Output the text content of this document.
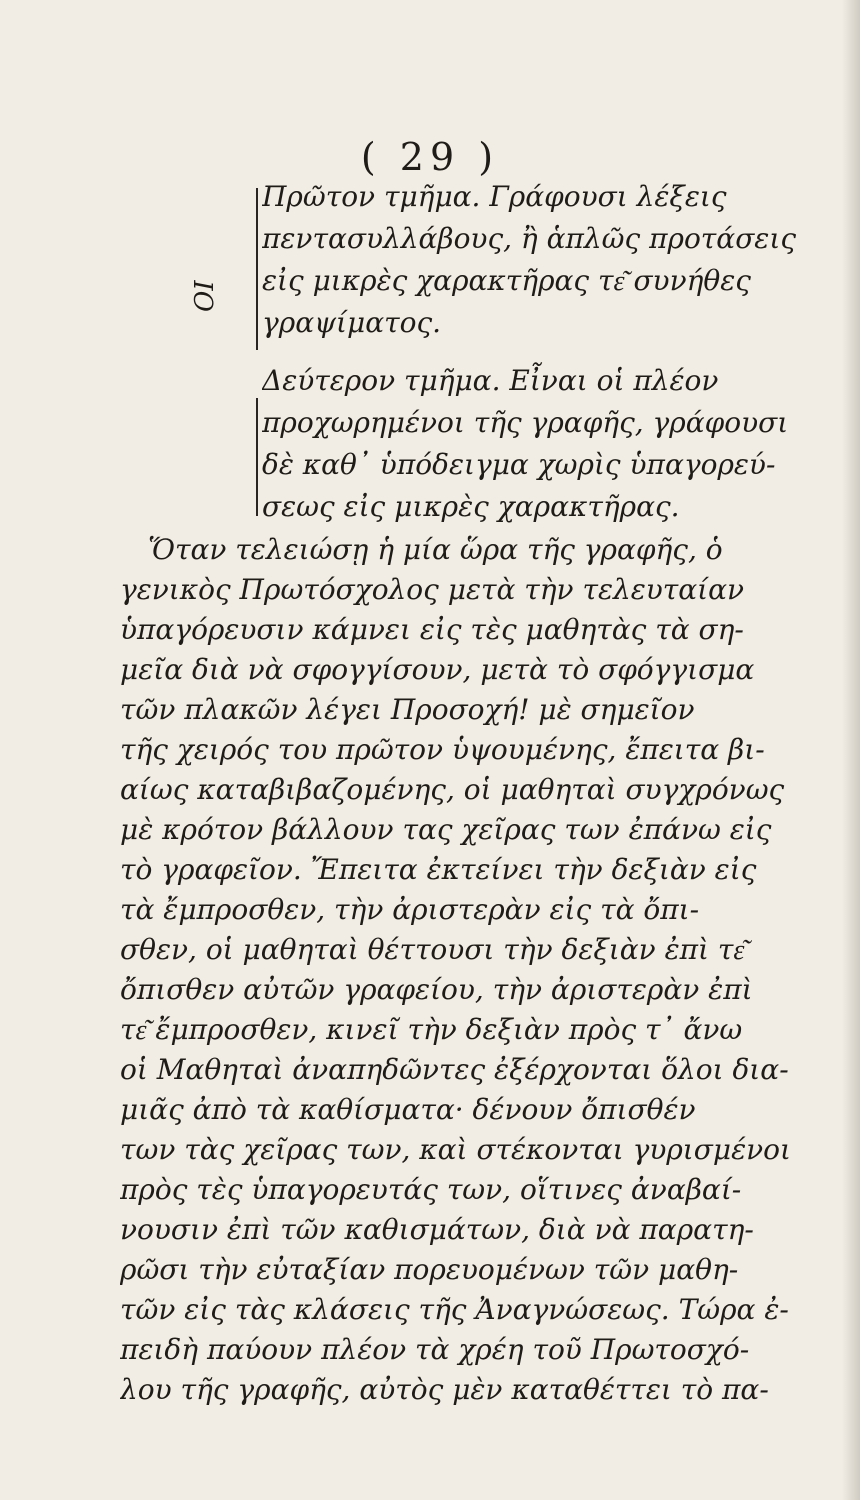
( 29 )
ΟΙ
Πρῶτον τμῆμα. Γράφουσι λέξεις
πεντασυλλάβους, ἢ ἁπλῶς προτάσεις
εἰς μικρὲς χαρακτῆρας τε͂ συνήθες
γραψίματος.
Δεύτερον τμῆμα. Εἶναι οἱ πλέον
προχωρημένοι τῆς γραφῆς, γράφουσι
δὲ καθ᾽ ὑπόδειγμα χωρὶς ὑπαγορεύ-
σεως εἰς μικρὲς χαρακτῆρας.
Ὅταν τελειώσῃ ἡ μία ὥρα τῆς γραφῆς, ὁ
γενικὸς Πρωτόσχολος μετὰ τὴν τελευταίαν
ὑπαγόρευσιν κάμνει εἰς τὲς μαθητὰς τὰ ση-
μεῖα διὰ νὰ σφογγίσουν, μετὰ τὸ σφόγγισμα
τῶν πλακῶν λέγει Προσοχή! μὲ σημεῖον
τῆς χειρός του πρῶτον ὑψουμένης, ἔπειτα βι-
αίως καταβιβαζομένης, οἱ μαθηταὶ συγχρόνως
μὲ κρότον βάλλουν τας χεῖρας των ἐπάνω εἰς
τὸ γραφεῖον. Ἔπειτα ἐκτείνει τὴν δεξιὰν εἰς
τὰ ἔμπροσθεν, τὴν ἀριστερὰν εἰς τὰ ὄπι-
σθεν, οἱ μαθηταὶ θέττουσι τὴν δεξιὰν ἐπὶ τε͂
ὄπισθεν αὐτῶν γραφείου, τὴν ἀριστερὰν ἐπὶ
τε͂ ἔμπροσθεν, κινεῖ τὴν δεξιὰν πρὸς τ᾽ ἄνω
οἱ Μαθηταὶ ἀναπηδῶντες ἐξέρχονται ὅλοι δια-
μιᾶς ἀπὸ τὰ καθίσματα· δένουν ὄπισθέν
των τὰς χεῖρας των, καὶ στέκονται γυρισμένοι
πρὸς τὲς ὑπαγορευτάς των, οἵτινες ἀναβαί-
νουσιν ἐπὶ τῶν καθισμάτων, διὰ νὰ παρατη-
ρῶσι τὴν εὐταξίαν πορευομένων τῶν μαθη-
τῶν εἰς τὰς κλάσεις τῆς Ἀναγνώσεως. Τώρα ἐ-
πειδὴ παύουν πλέον τὰ χρέη τοῦ Πρωτοσχό-
λου τῆς γραφῆς, αὐτὸς μὲν καταθέττει τὸ πα-
